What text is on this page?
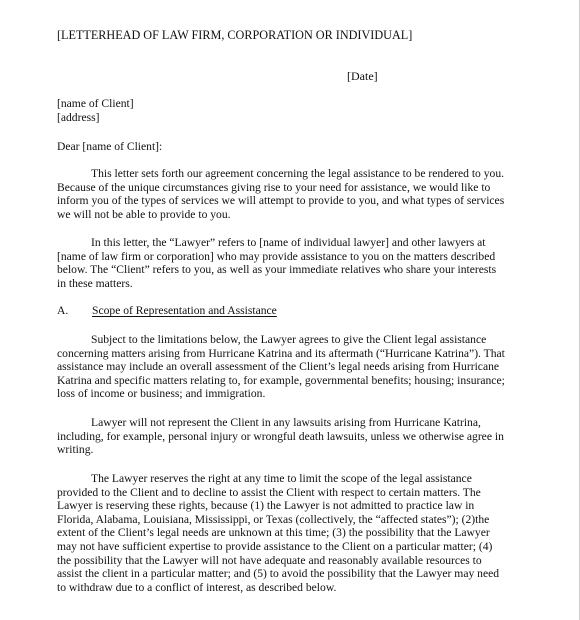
[LETTERHEAD OF LAW FIRM, CORPORATION OR INDIVIDUAL]

[Date]

[name of Client]

[address]

Dear [name of Client]:

This letter sets forth our agreement concerning the legal assistance to be rendered to you.
Because of the unique circumstances giving rise to your need for assistance, we would like to
inform you of the types of services we will attempt to provide to you, and what types of services
we will not be able to provide to you.
In this letter, the “Lawyer” refers to [name of individual lawyer] and other lawyers at
[name of law firm or corporation] who may provide assistance to you on the matters described
below. The “Client” refers to you, as well as your immediate relatives who share your interests
in these matters.

A. Scope of Representation and Assistance

Subject to the limitations below, the Lawyer agrees to give the Client legal assistance
concerning matters arising from Hurricane Katrina and its aftermath (“Hurricane Katrina”). That
assistance may include an overall assessment of the Client’s legal needs arising from Hurricane
Katrina and specific matters relating to, for example, governmental benefits; housing; insurance;
loss of income or business; and immigration.
Lawyer will not represent the Client in any lawsuits arising from Hurricane Katrina,
including, for example, personal injury or wrongful death lawsuits, unless we otherwise agree in
writing.
The Lawyer reserves the right at any time to limit the scope of the legal assistance
provided to the Client and to decline to assist the Client with respect to certain matters. The
Lawyer is reserving these rights, because (1) the Lawyer is not admitted to practice law in
Florida, Alabama, Louisiana, Mississippi, or Texas (collectively, the “affected states”); (2)the
extent of the Client’s legal needs are unknown at this time; (3) the possibility that the Lawyer
may not have sufficient expertise to provide assistance to the Client on a particular matter; (4)
the possibility that the Lawyer will not have adequate and reasonably available resources to
assist the client in a particular matter; and (5) to avoid the possibility that the Lawyer may need
to withdraw due to a conflict of interest, as described below.
